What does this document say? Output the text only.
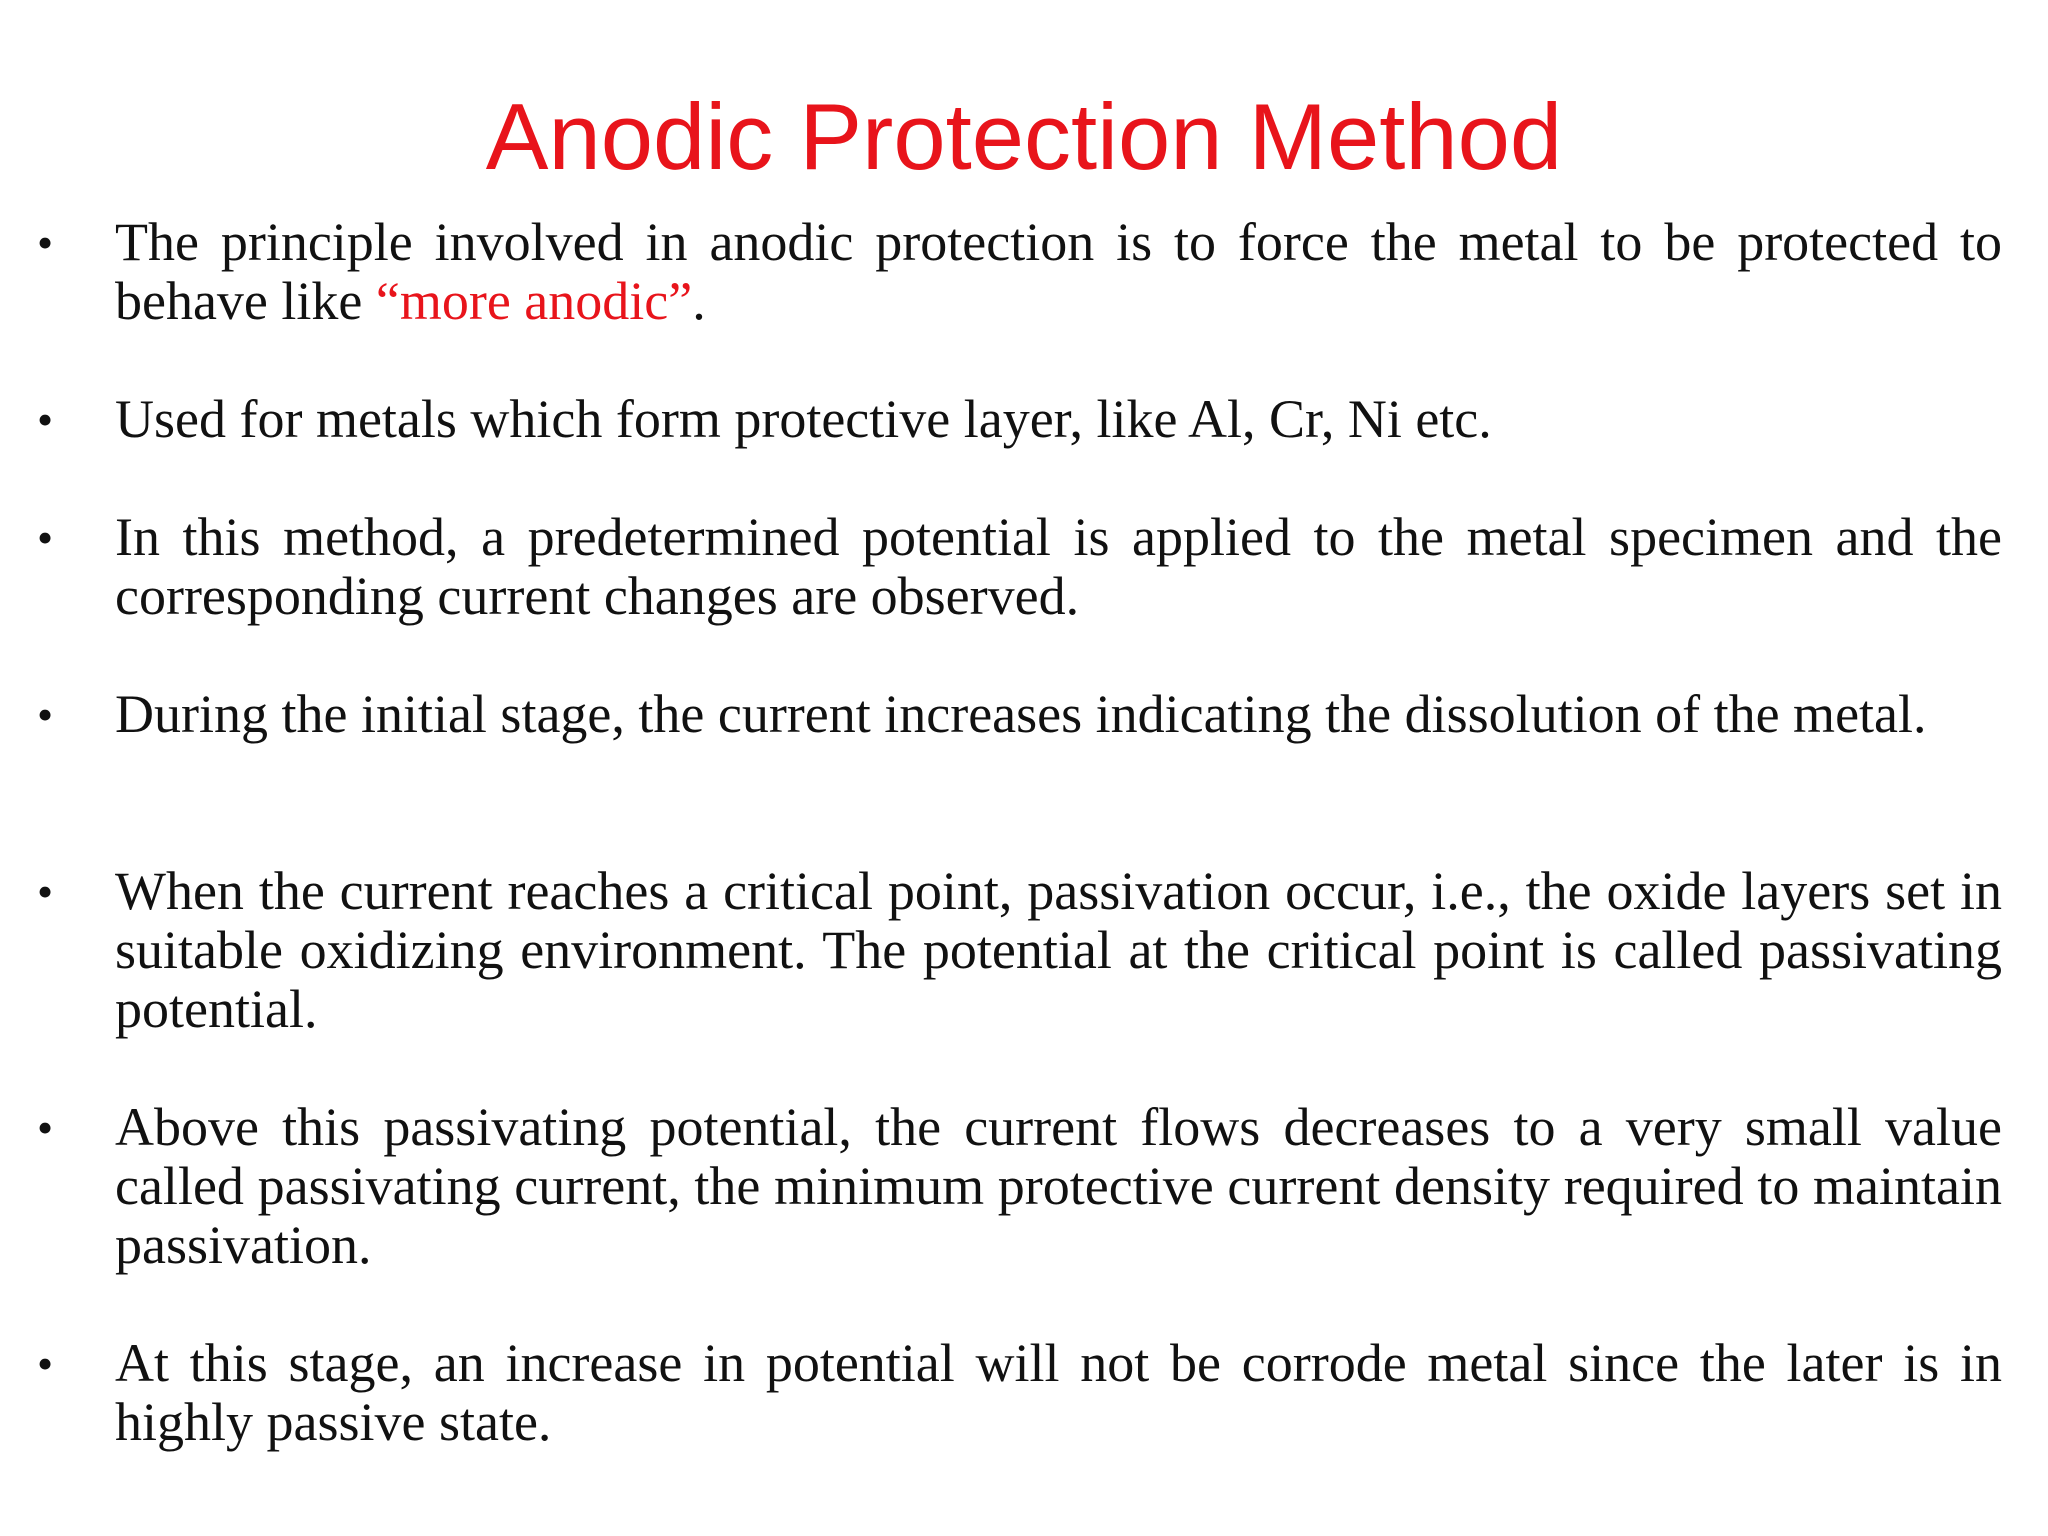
Anodic Protection Method
•	The principle involved in anodic protection is to force the metal to be protected to behave like “more anodic”.
•	Used for metals which form protective layer, like Al, Cr, Ni etc.
•	In this method, a predetermined potential is applied to the metal specimen and the corresponding current changes are observed.
•	During the initial stage, the current increases indicating the dissolution of the metal.
•	When the current reaches a critical point, passivation occur, i.e., the oxide layers set in suitable oxidizing environment. The potential at the critical point is called passivating potential.
•	Above this passivating potential, the current flows decreases to a very small value called passivating current, the minimum protective current density required to maintain passivation.
•	At this stage, an increase in potential will not be corrode metal since the later is in highly passive state.
